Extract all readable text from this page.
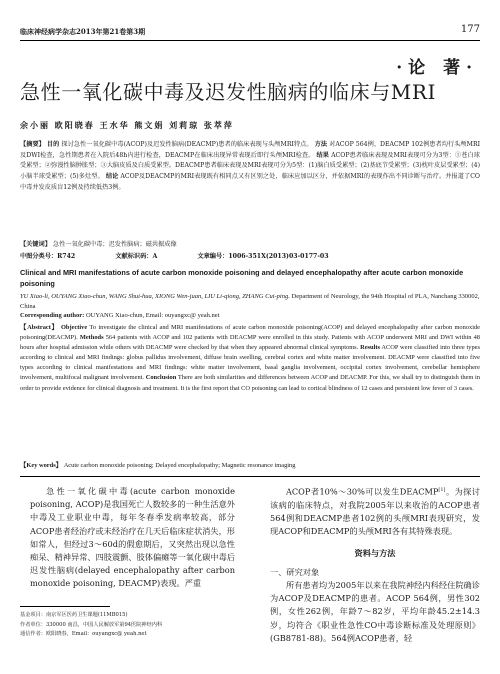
临床神经病学杂志2013年第21卷第3期	177
·论 著·
急性一氧化碳中毒及迟发性脑病的临床与MRI
余小丽 欧阳晓春 王水华 熊文娟 刘莉琼 张萃萍

【摘要】 目的 探讨急性一氧化碳中毒(ACOP)及迟发性脑病(DEACMP)患者的临床表现与头颅MRI特点。 方法 对ACOP 564例、DEACMP 102例患者均行头颅MRI及DWI检查，急性期患者在入院后48h内进行检查，DEACMP在临床出现异常表现后即行头颅MRI检查。 结果 ACOP患者临床表现及MRI表现可分为3型：①苍白球受累型；②弥漫性脑肿胀型；③大脑皮质及白质受累型。DEACMP患者临床表现及MRI表现可分为5型：(1)脑白质受累型；(2)基底节受累型；(3)枕叶皮层受累型；(4)小脑半球受累型；(5)多灶型。 结论 ACOP及DEACMP的MRI表现既有相同点又有区别之处，临床应加以区分，并依据MRI的表现作出不同诊断与治疗。并报道了CO中毒并发皮质盲12例及持续低热3例。

【关键词】 急性一氧化碳中毒；迟发性脑病；磁共振成像
中图分类号：R742	文献标识码：A	文章编号：1006-351X(2013)03-0177-03
Clinical and MRI manifestations of acute carbon monoxide poisoning and delayed encephalopathy after acute carbon monoxide poisoning
YU Xiao-li, OUYANG Xiao-chun, WANG Shui-hua, XIONG Wen-juan, LIU Li-qiong, ZHANG Cui-ping. Department of Neurology, the 94th Hospital of PLA, Nanchang 330002, China
Corresponding author: OUYANG Xiao-chun, Email: ouyangxc@ yeah.net
【Abstract】 Objective To investigate the clinical and MRI manifestations of acute carbon monoxide poisoning(ACOP) and delayed encephalopathy after carbon monoxide poisoning(DEACMP). Methods 564 patients with ACOP and 102 patients with DEACMP were enrolled in this study. Patients with ACOP underwent MRI and DWI within 48 hours after hospital admission while others with DEACMP were checked by that when they appeared abnormal clinical symptoms. Results ACOP were classified into three types according to clinical and MRI findings: globus pallidus involvement, diffuse brain swelling, cerebral cortex and white matter involvement. DEACMP were classified into five types according to clinical manifestations and MRI findings: white matter involvement, basal ganglia involvement, occipital cortex involvement, cerebellar hemisphere involvement, multifocal malignant involvement. Conclusion There are both similarities and differences between ACOP and DEACMP. For this, we shall try to distinguish them in order to provide evidence for clinical diagnosis and treatment. It is the first report that CO poisoning can lead to cortical blindness of 12 cases and persistent low fever of 3 cases.
【Key words】 Acute carbon monoxide poisoning; Delayed encephalopathy; Magnetic resonance imaging

急性一氧化碳中毒(acute carbon monoxide poisoning, ACOP)是我国死亡人数较多的一种生活意外中毒及工业职业中毒，每年冬春季发病率较高，部分ACOP患者经治疗或未经治疗在几天后临床症状消失，形如常人，但经过3～60d的假愈期后，又突然出现以急性痴呆、精神异常、四肢震颤、肢体偏瘫等一氧化碳中毒后迟发性脑病(delayed encephalopathy after carbon monoxide poisoning, DEACMP)表现。严重

基金项目：南京军区医药卫生课题(11MB015)
作者单位：330000 南昌，中国人民解放军第94医院神经内科
通信作者：欧阳晓春，Email：ouyangxc@ yeah.net

ACOP者10%～30%可以发生DEACMP[1]。为探讨该病的临床特点，对我院2005年以来收治的ACOP患者564例和DEACMP患者102例的头颅MRI表现研究，发现ACOP和DEACMP的头颅MRI各有其特殊表现。

资料与方法

一、研究对象

所有患者均为2005年以来在我院神经内科经住院确诊为ACOP及DEACMP的患者。ACOP 564例，男性302例，女性262例，年龄7～82岁，平均年龄45.2±14.3岁，均符合《职业性急性CO中毒诊断标准及处理原则》(GB8781-88)。564例ACOP患者，轻
